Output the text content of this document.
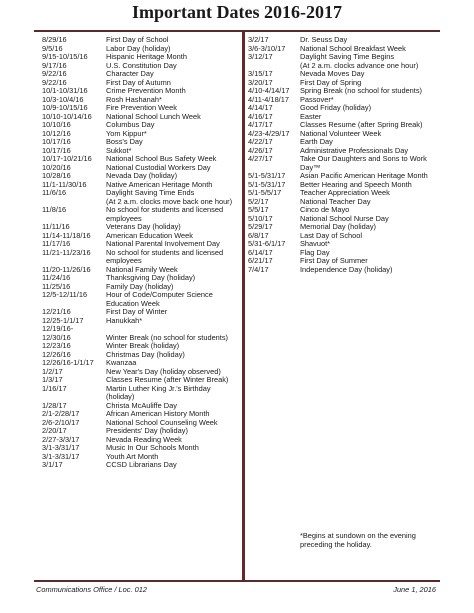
Important Dates 2016-2017
8/29/16	First Day of School
9/5/16	Labor Day (holiday)
9/15-10/15/16	Hispanic Heritage Month
9/17/16	U.S. Constitution Day
9/22/16	Character Day
9/22/16	First Day of Autumn
10/1-10/31/16	Crime Prevention Month
10/3-10/4/16	Rosh Hashanah*
10/9-10/15/16	Fire Prevention Week
10/10-10/14/16	National School Lunch Week
10/10/16	Columbus Day
10/12/16	Yom Kippur*
10/17/16	Boss's Day
10/17/16	Sukkot*
10/17-10/21/16	National School Bus Safety Week
10/20/16	National Custodial Workers Day
10/28/16	Nevada Day (holiday)
11/1-11/30/16	Native American Heritage Month
11/6/16	Daylight Saving Time Ends
(At 2 a.m. clocks move back one hour)
11/8/16	No school for students and licensed
employees
11/11/16	Veterans Day (holiday)
11/14-11/18/16	American Education Week
11/17/16	National Parental Involvement Day
11/21-11/23/16	No school for students and licensed
employees
11/20-11/26/16	National Family Week
11/24/16	Thanksgiving Day (holiday)
11/25/16	Family Day (holiday)
12/5-12/11/16	Hour of Code/Computer Science
Education Week
12/21/16	First Day of Winter
12/25-1/1/17	Hanukkah*
12/19/16-
12/30/16	Winter Break (no school for students)
12/23/16	Winter Break (holiday)
12/26/16	Christmas Day (holiday)
12/26/16-1/1/17	Kwanzaa
1/2/17	New Year's Day (holiday observed)
1/3/17	Classes Resume (after Winter Break)
1/16/17	Martin Luther King Jr.'s Birthday
(holiday)
1/28/17	Christa McAuliffe Day
2/1-2/28/17	African American History Month
2/6-2/10/17	National School Counseling Week
2/20/17	Presidents' Day (holiday)
2/27-3/3/17	Nevada Reading Week
3/1-3/31/17	Music In Our Schools Month
3/1-3/31/17	Youth Art Month
3/1/17	CCSD Librarians Day
3/2/17	Dr. Seuss Day
3/6-3/10/17	National School Breakfast Week
3/12/17	Daylight Saving Time Begins
(At 2 a.m. clocks advance one hour)
3/15/17	Nevada Moves Day
3/20/17	First Day of Spring
4/10-4/14/17	Spring Break (no school for students)
4/11-4/18/17	Passover*
4/14/17	Good Friday (holiday)
4/16/17	Easter
4/17/17	Classes Resume (after Spring Break)
4/23-4/29/17	National Volunteer Week
4/22/17	Earth Day
4/26/17	Administrative Professionals Day
4/27/17	Take Our Daughters and Sons to Work Day™
5/1-5/31/17	Asian Pacific American Heritage Month
5/1-5/31/17	Better Hearing and Speech Month
5/1-5/5/17	Teacher Appreciation Week
5/2/17	National Teacher Day
5/5/17	Cinco de Mayo
5/10/17	National School Nurse Day
5/29/17	Memorial Day (holiday)
6/8/17	Last Day of School
5/31-6/1/17	Shavuot*
6/14/17	Flag Day
6/21/17	First Day of Summer
7/4/17	Independence Day (holiday)
*Begins at sundown on the evening preceding the holiday.
Communications Office / Loc. 012	June 1, 2016
